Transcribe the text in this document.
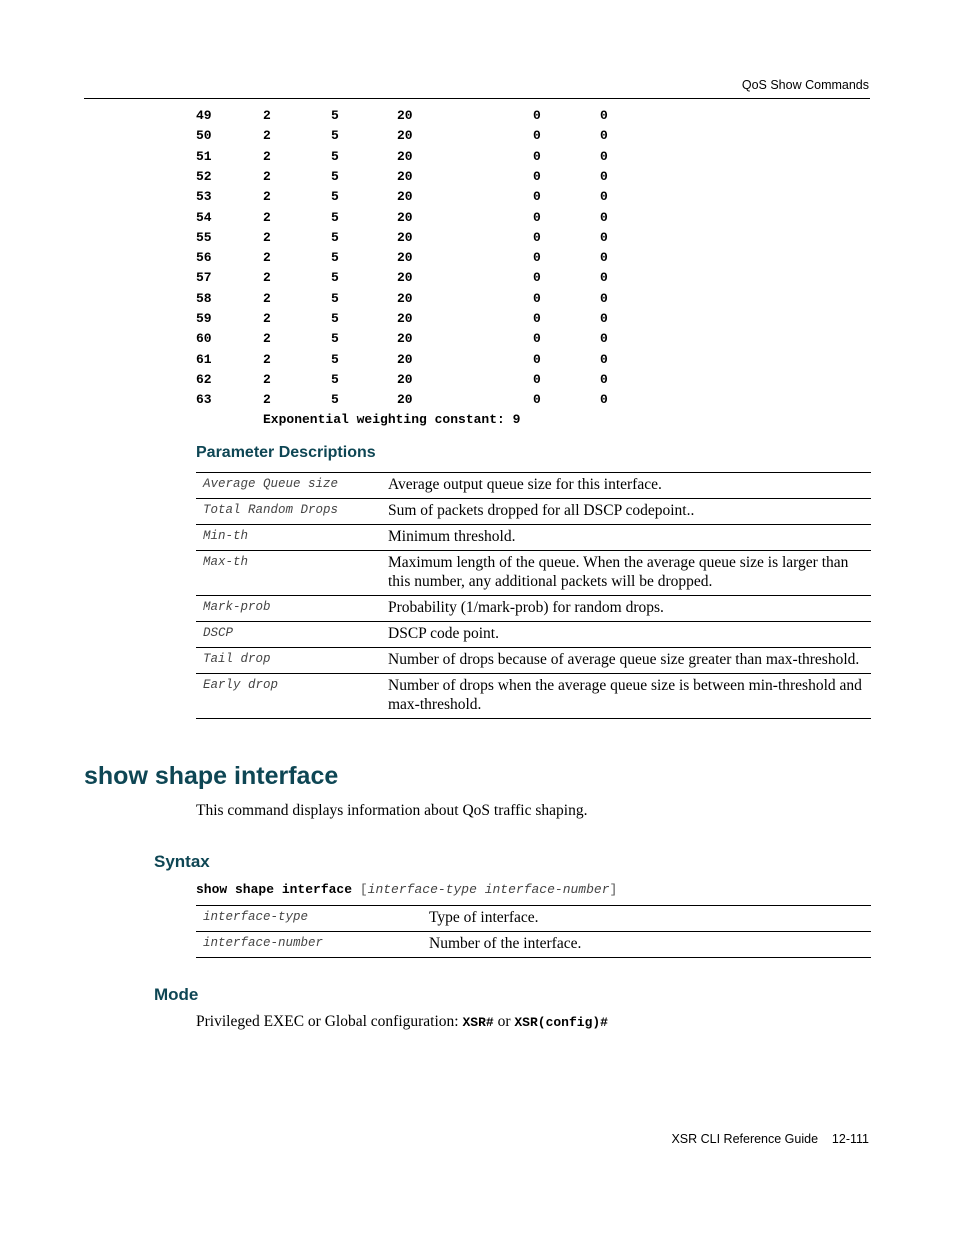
QoS Show Commands
49	2	5	20	0	0
50	2	5	20	0	0
51	2	5	20	0	0
52	2	5	20	0	0
53	2	5	20	0	0
54	2	5	20	0	0
55	2	5	20	0	0
56	2	5	20	0	0
57	2	5	20	0	0
58	2	5	20	0	0
59	2	5	20	0	0
60	2	5	20	0	0
61	2	5	20	0	0
62	2	5	20	0	0
63	2	5	20	0	0
Exponential weighting constant: 9
Parameter Descriptions
Average Queue size	Average output queue size for this interface.
Total Random Drops	Sum of packets dropped for all DSCP codepoint..
Min-th	Minimum threshold.
Max-th	Maximum length of the queue. When the average queue size is larger than this number, any additional packets will be dropped.
Mark-prob	Probability (1/mark-prob) for random drops.
DSCP	DSCP code point.
Tail drop	Number of drops because of average queue size greater than max-threshold.
Early drop	Number of drops when the average queue size is between min-threshold and max-threshold.
show shape interface
This command displays information about QoS traffic shaping.
Syntax
show shape interface [interface-type interface-number]
interface-type	Type of interface.
interface-number	Number of the interface.
Mode
Privileged EXEC or Global configuration: XSR# or XSR(config)#
XSR CLI Reference Guide    12-111
